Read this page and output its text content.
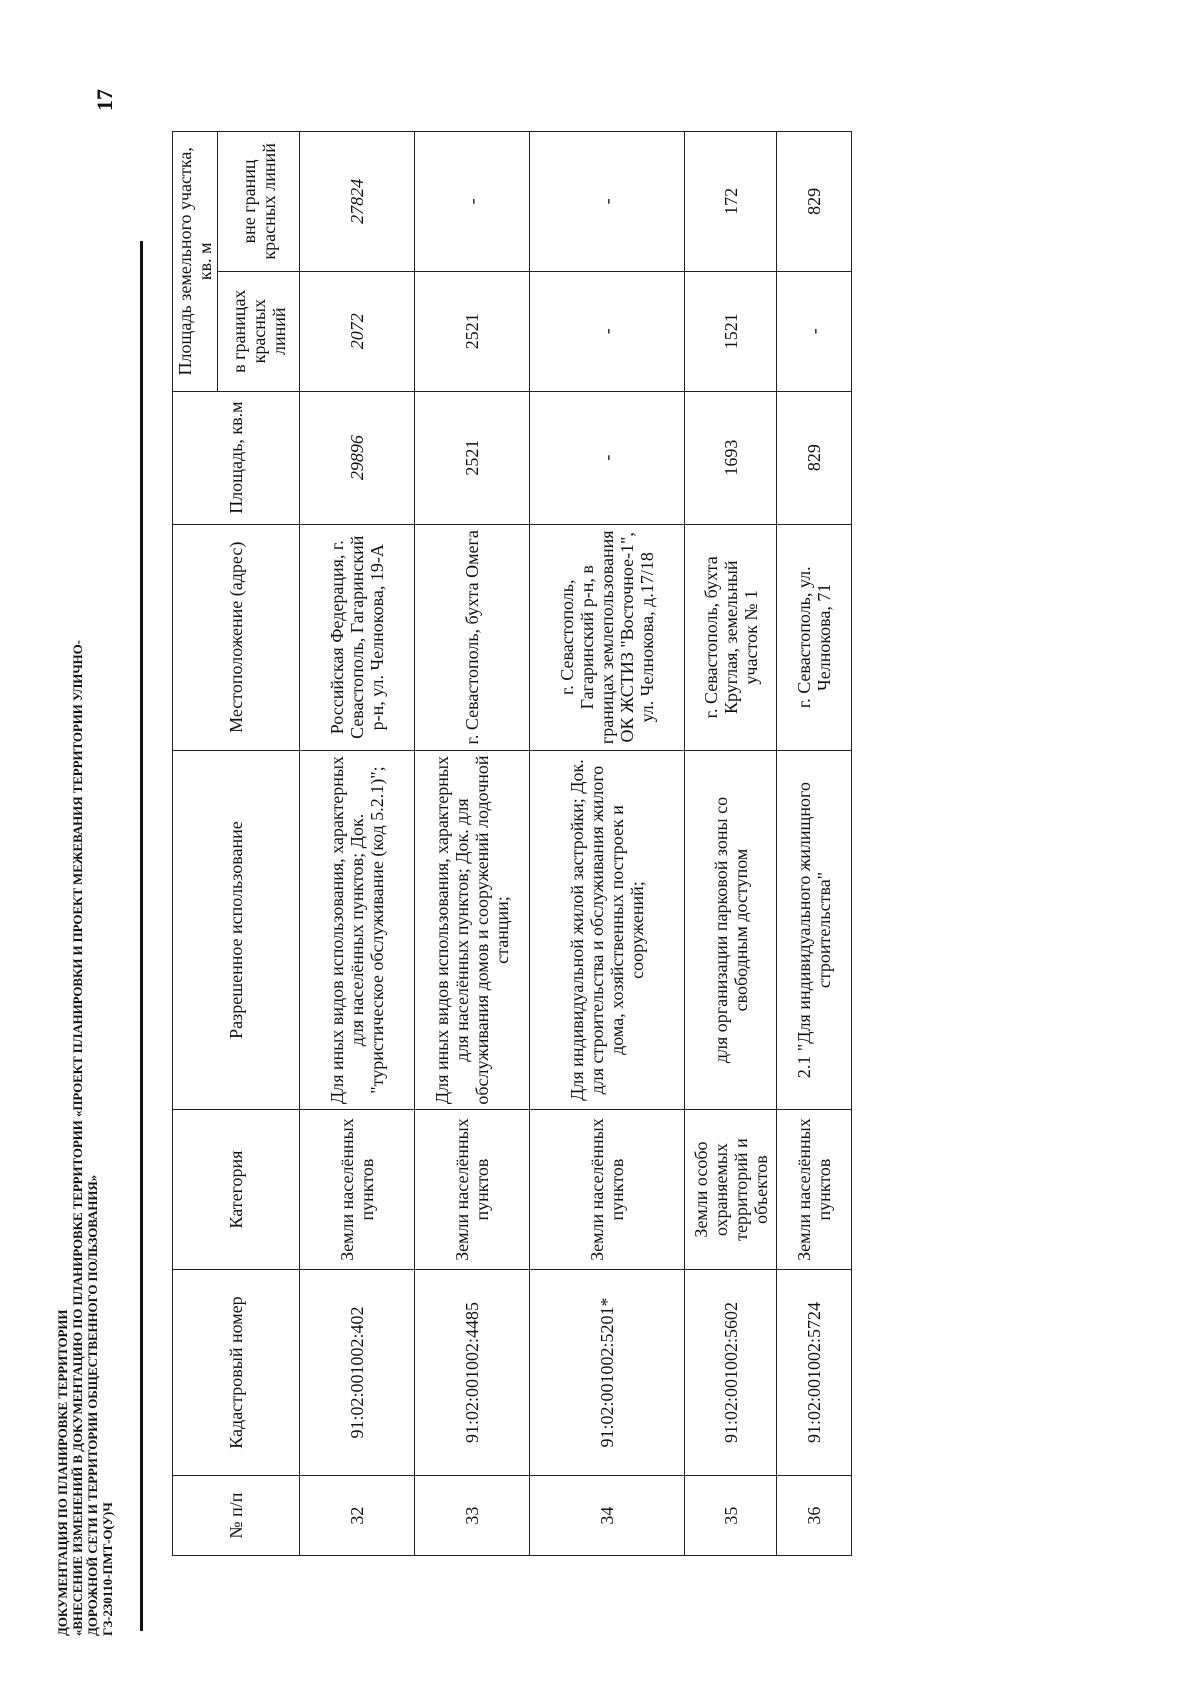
17
ДОКУМЕНТАЦИЯ ПО ПЛАНИРОВКЕ ТЕРРИТОРИИ «ВНЕСЕНИЕ ИЗМЕНЕНИЙ В ДОКУМЕНТАЦИЮ ПО ПЛАНИРОВКЕ ТЕРРИТОРИИ «ПРОЕКТ ПЛАНИРОВКИ И ПРОЕКТ МЕЖЕВАНИЯ ТЕРРИТОРИИ УЛИЧНО- ДОРОЖНОЙ СЕТИ И ТЕРРИТОРИИ ОБЩЕСТВЕННОГО ПОЛЬЗОВАНИЯ» ГЗ-230110-ПМТ-О(У)Ч	№ п/п	Кадастровый номер	Категория	Разрешенное использование	Местоположение (адрес)	Площадь, кв.м	Площадь земельного участка, кв. м	
						в границах красных линий	вне границ красных линий
32	91:02:001002:402	Земли населённых пунктов	Для иных видов использования, характерных для населённых пунктов; Док. "туристическое обслуживание (код 5.2.1)";	Российская Федерация, г. Севастополь, Гагаринский р-н, ул. Челнокова, 19-А	29896	2072	27824
33	91:02:001002:4485	Земли населённых пунктов	Для иных видов использования, характерных для населённых пунктов; Док. для обслуживания домов и сооружений лодочной станции;	г. Севастополь, бухта Омега	2521	2521	-
34	91:02:001002:5201*	Земли населённых пунктов	Для индивидуальной жилой застройки; Док. для строительства и обслуживания жилого дома, хозяйственных построек и сооружений;	г. Севастополь, Гагаринский р-н, в границах землепользования ОК ЖСТИЗ "Восточное-1", ул. Челнокова, д.17/18	-	-	-
35	91:02:001002:5602	Земли особо охраняемых территорий и объектов	для организации парковой зоны со свободным доступом	г. Севастополь, бухта Круглая, земельный участок № 1	1693	1521	172
36	91:02:001002:5724	Земли населённых пунктов	2.1 "Для индивидуального жилищного строительства"	г. Севастополь, ул. Челнокова, 71	829	-	829
